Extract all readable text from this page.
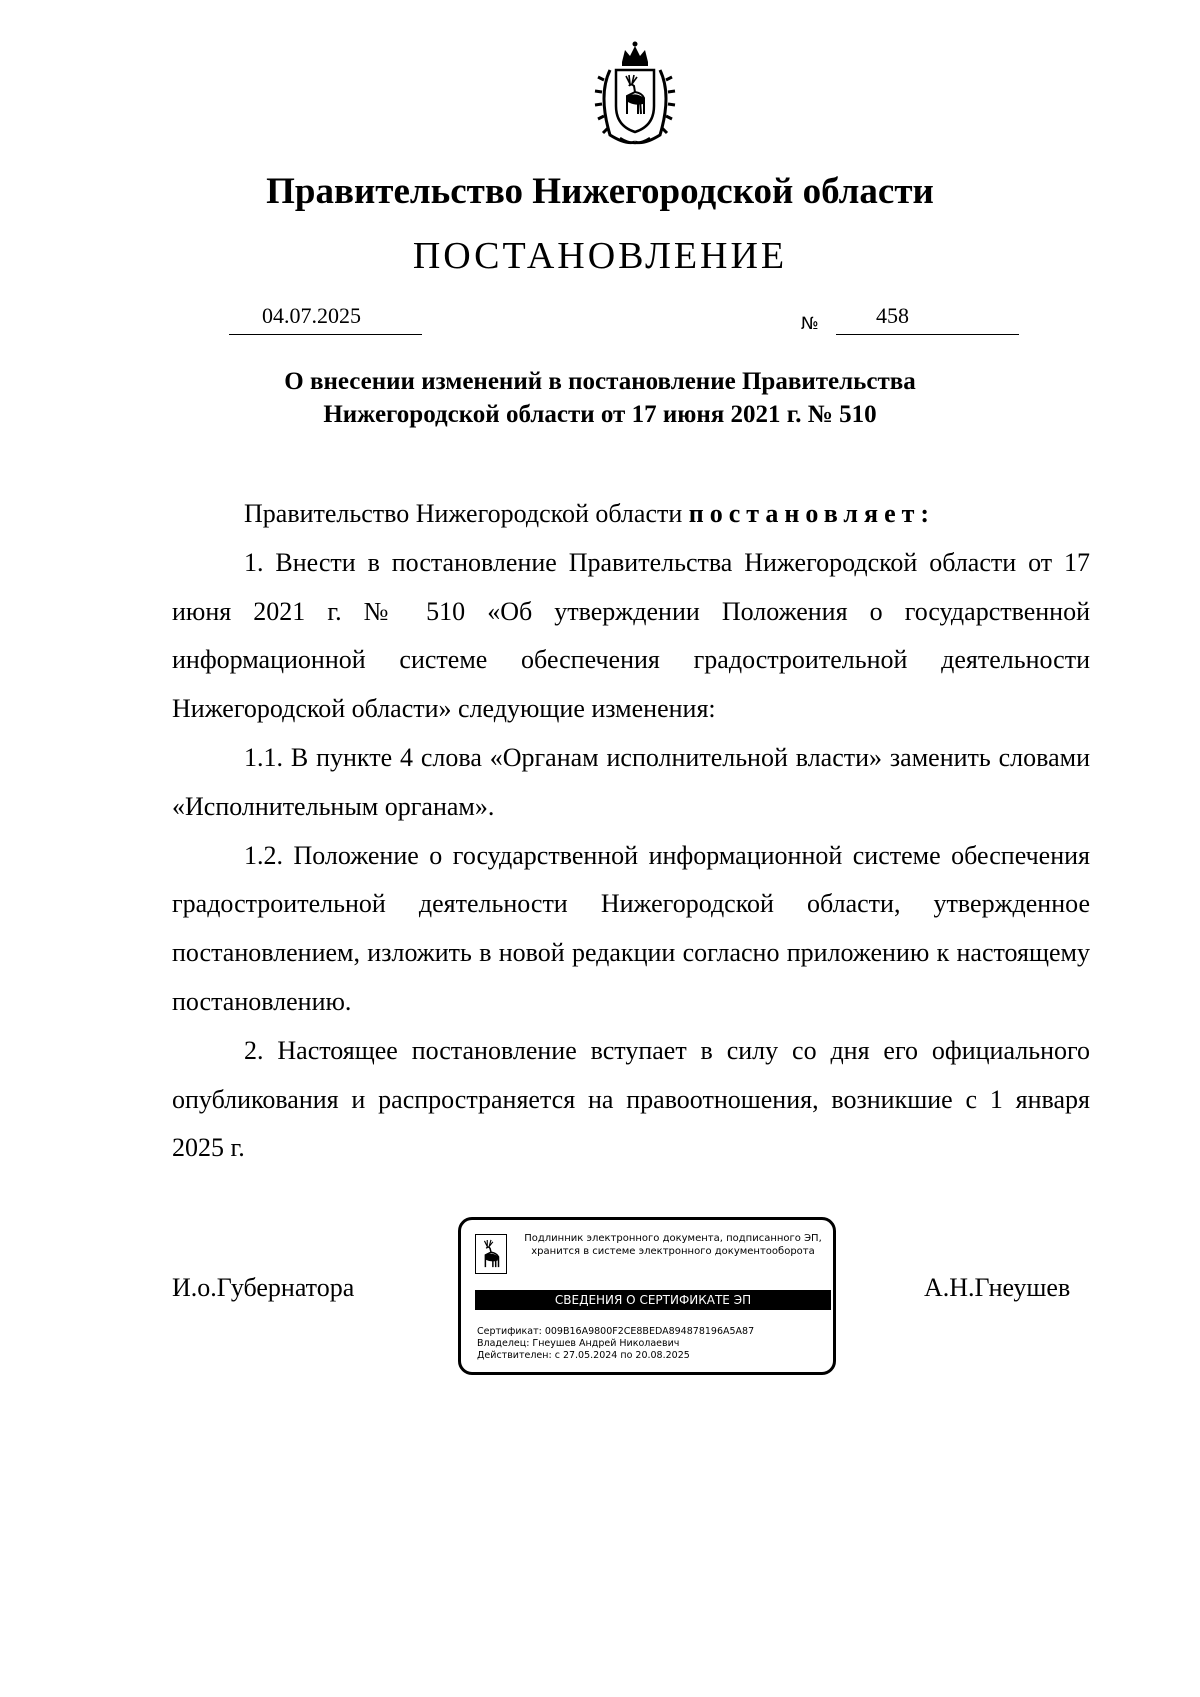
Правительство Нижегородской области
ПОСТАНОВЛЕНИЕ
04.07.2025	№	458
О внесении изменений в постановление Правительства
Нижегородской области от 17 июня 2021 г. № 510

Правительство Нижегородской области постановляет:

1. Внести в постановление Правительства Нижегородской области от 17 июня 2021 г. № 510 «Об утверждении Положения о государственной информационной системе обеспечения градостроительной деятельности Нижегородской области» следующие изменения:

1.1. В пункте 4 слова «Органам исполнительной власти» заменить словами «Исполнительным органам».

1.2. Положение о государственной информационной системе обеспечения градостроительной деятельности Нижегородской области, утвержденное постановлением, изложить в новой редакции согласно приложению к настоящему постановлению.

2. Настоящее постановление вступает в силу со дня его официального опубликования и распространяется на правоотношения, возникшие с 1 января 2025 г.

И.о.Губернатора	А.Н.Гнеушев
Подлинник электронного документа, подписанного ЭП,
хранится в системе электронного документооборота
СВЕДЕНИЯ О СЕРТИФИКАТЕ ЭП
Сертификат: 009B16A9800F2CE8BEDA894878196A5A87
Владелец: Гнеушев Андрей Николаевич
Действителен: с 27.05.2024 по 20.08.2025
